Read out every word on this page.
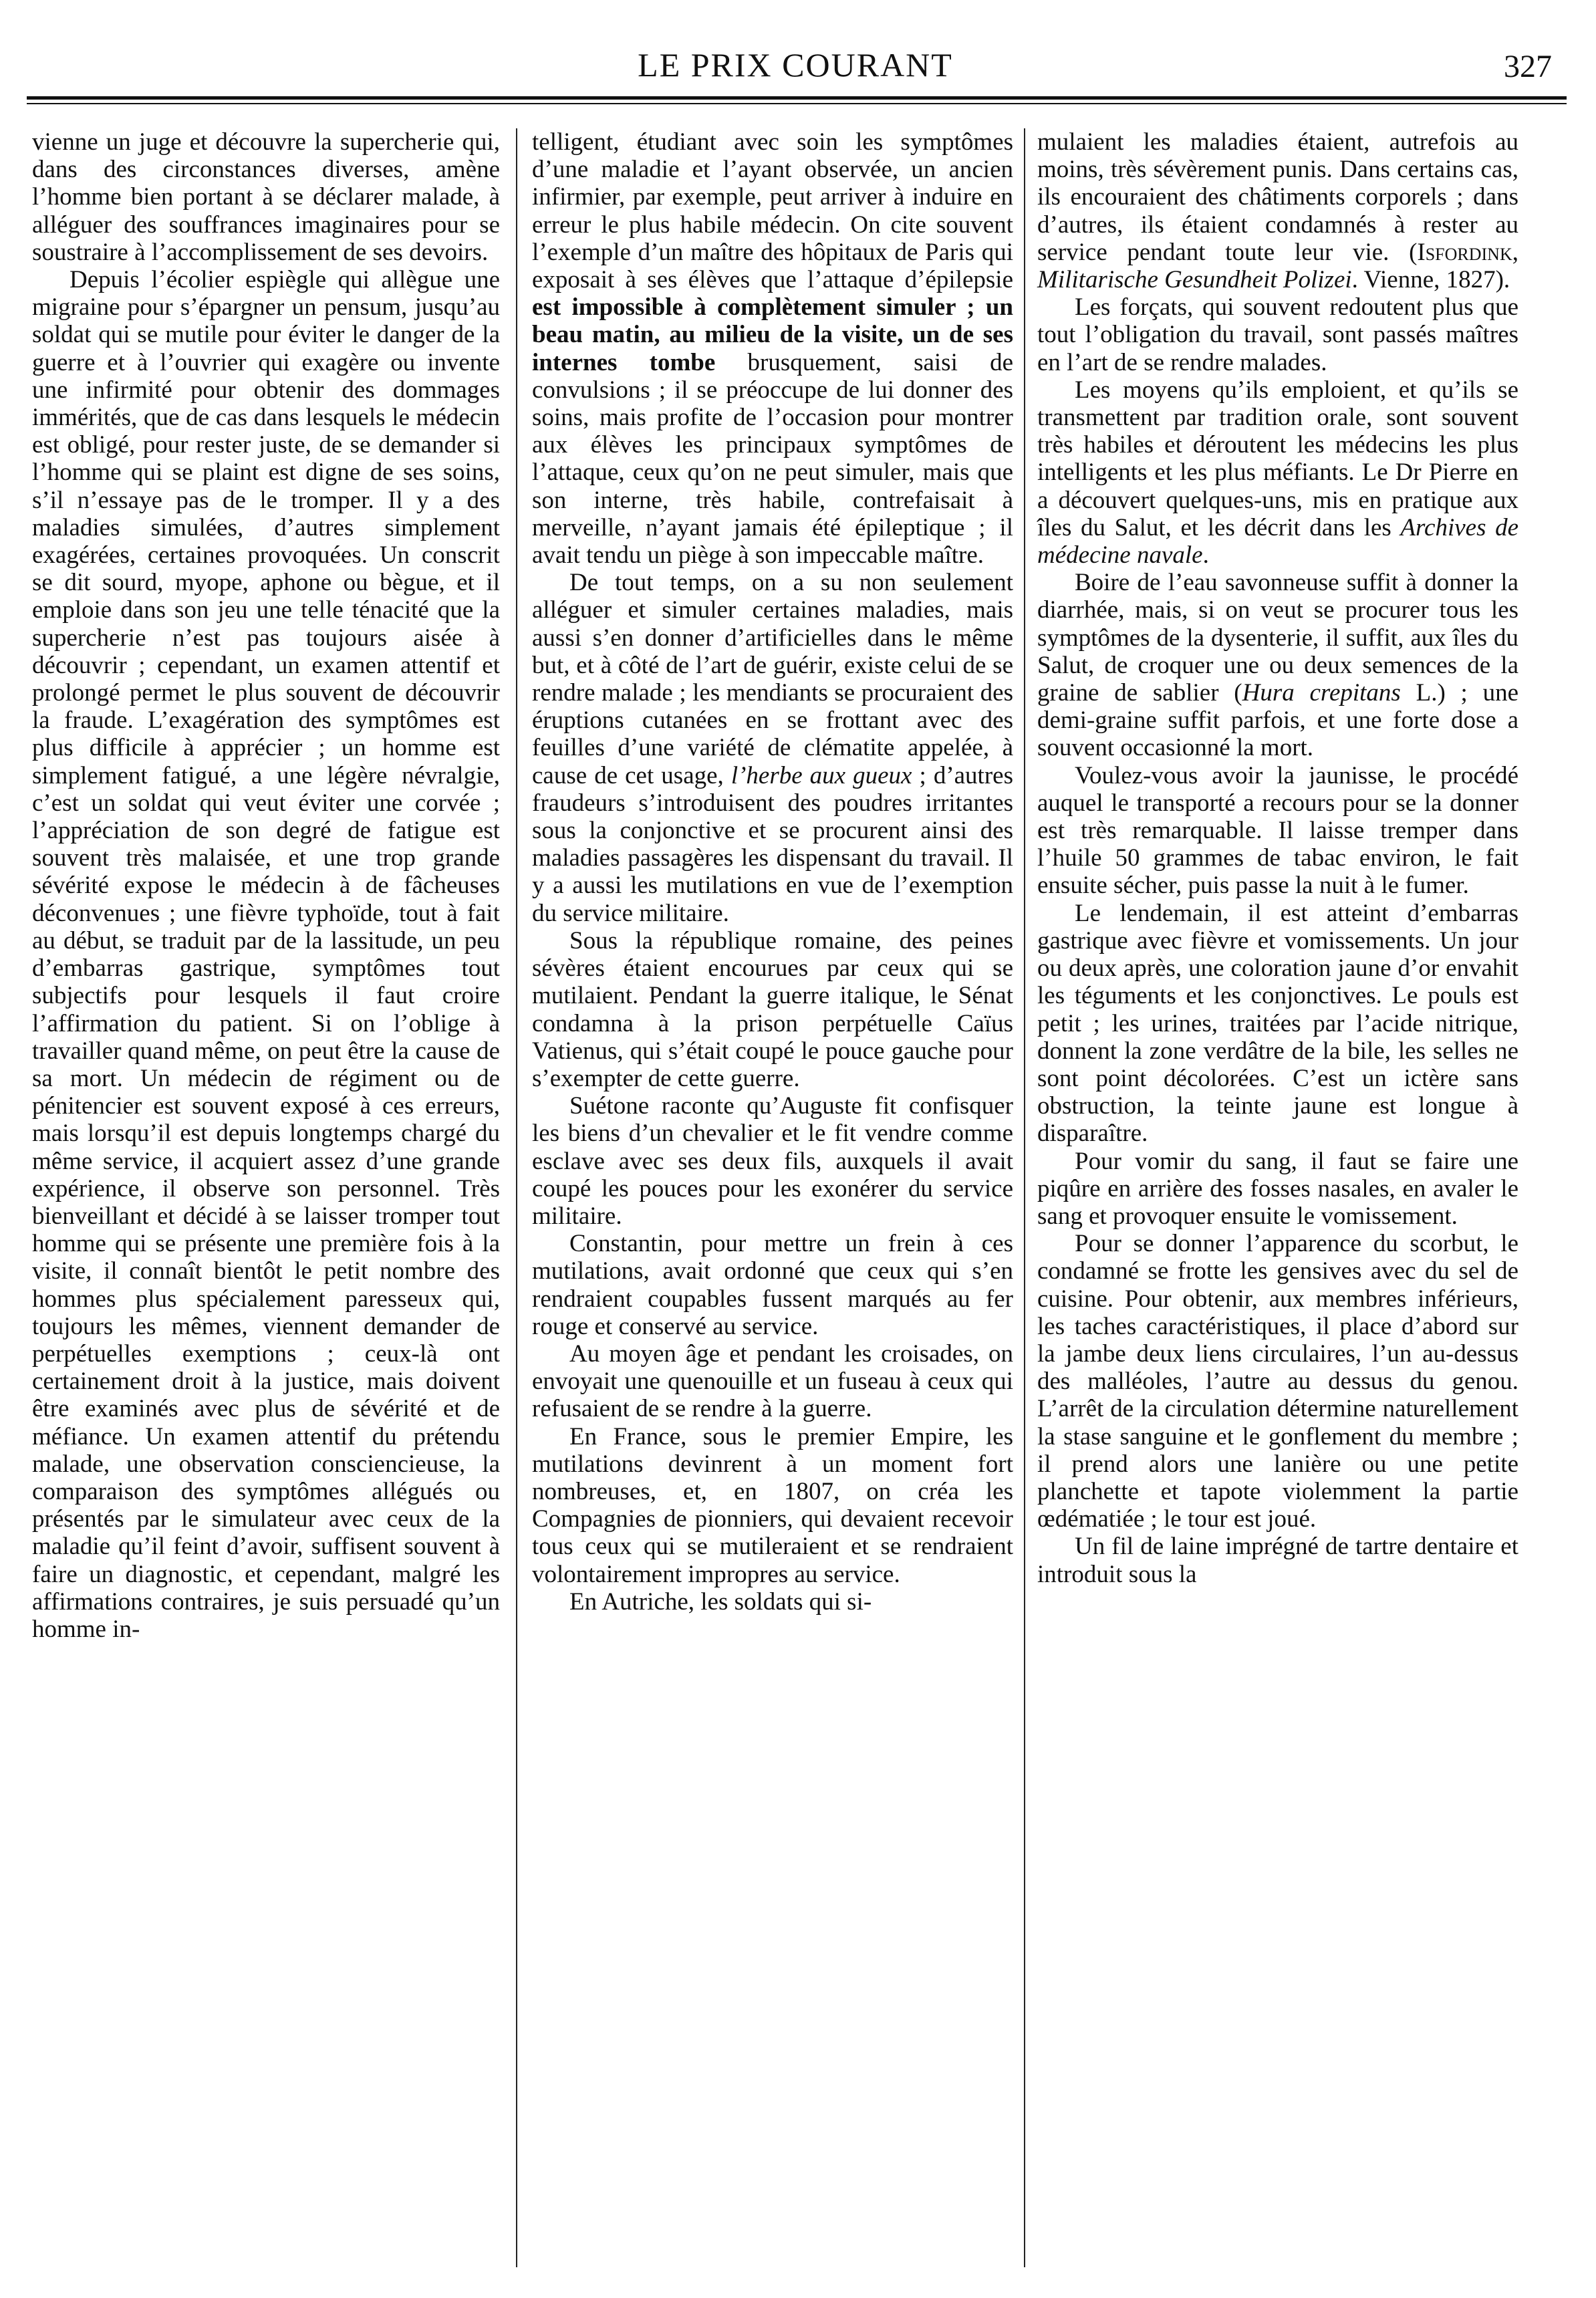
LE PRIX COURANT	327

vienne un juge et découvre la supercherie qui, dans des circonstances diverses, amène l’homme bien portant à se déclarer malade, à alléguer des souffrances imaginaires pour se soustraire à l’accomplissement de ses devoirs.

Depuis l’écolier espiègle qui allègue une migraine pour s’épargner un pensum, jusqu’au soldat qui se mutile pour éviter le danger de la guerre et à l’ouvrier qui exagère ou invente une infirmité pour obtenir des dommages immérités, que de cas dans lesquels le médecin est obligé, pour rester juste, de se demander si l’homme qui se plaint est digne de ses soins, s’il n’essaye pas de le tromper. Il y a des maladies simulées, d’autres simplement exagérées, certaines provoquées. Un conscrit se dit sourd, myope, aphone ou bègue, et il emploie dans son jeu une telle ténacité que la supercherie n’est pas toujours aisée à découvrir ; cependant, un examen attentif et prolongé permet le plus souvent de découvrir la fraude. L’exagération des symptômes est plus difficile à apprécier ; un homme est simplement fatigué, a une légère névralgie, c’est un soldat qui veut éviter une corvée ; l’appréciation de son degré de fatigue est souvent très malaisée, et une trop grande sévérité expose le médecin à de fâcheuses déconvenues ; une fièvre typhoïde, tout à fait au début, se traduit par de la lassitude, un peu d’embarras gastrique, symptômes tout subjectifs pour lesquels il faut croire l’affirmation du patient. Si on l’oblige à travailler quand même, on peut être la cause de sa mort. Un médecin de régiment ou de pénitencier est souvent exposé à ces erreurs, mais lorsqu’il est depuis longtemps chargé du même service, il acquiert assez d’une grande expérience, il observe son personnel. Très bienveillant et décidé à se laisser tromper tout homme qui se présente une première fois à la visite, il connaît bientôt le petit nombre des hommes plus spécialement paresseux qui, toujours les mêmes, viennent demander de perpétuelles exemptions ; ceux-là ont certainement droit à la justice, mais doivent être examinés avec plus de sévérité et de méfiance. Un examen attentif du prétendu malade, une observation consciencieuse, la comparaison des symptômes allégués ou présentés par le simulateur avec ceux de la maladie qu’il feint d’avoir, suffisent souvent à faire un diagnostic, et cependant, malgré les affirmations contraires, je suis persuadé qu’un homme in-

telligent, étudiant avec soin les symptômes d’une maladie et l’ayant observée, un ancien infirmier, par exemple, peut arriver à induire en erreur le plus habile médecin. On cite souvent l’exemple d’un maître des hôpitaux de Paris qui exposait à ses élèves que l’attaque d’épilepsie est impossible à complètement simuler ; un beau matin, au milieu de la visite, un de ses internes tombe brusquement, saisi de convulsions ; il se préoccupe de lui donner des soins, mais profite de l’occasion pour montrer aux élèves les principaux symptômes de l’attaque, ceux qu’on ne peut simuler, mais que son interne, très habile, contrefaisait à merveille, n’ayant jamais été épileptique ; il avait tendu un piège à son impeccable maître.

De tout temps, on a su non seulement alléguer et simuler certaines maladies, mais aussi s’en donner d’artificielles dans le même but, et à côté de l’art de guérir, existe celui de se rendre malade ; les mendiants se procuraient des éruptions cutanées en se frottant avec des feuilles d’une variété de clématite appelée, à cause de cet usage, l’herbe aux gueux ; d’autres fraudeurs s’introduisent des poudres irritantes sous la conjonctive et se procurent ainsi des maladies passagères les dispensant du travail. Il y a aussi les mutilations en vue de l’exemption du service militaire.

Sous la république romaine, des peines sévères étaient encourues par ceux qui se mutilaient. Pendant la guerre italique, le Sénat condamna à la prison perpétuelle Caïus Vatienus, qui s’était coupé le pouce gauche pour s’exempter de cette guerre.

Suétone raconte qu’Auguste fit confisquer les biens d’un chevalier et le fit vendre comme esclave avec ses deux fils, auxquels il avait coupé les pouces pour les exonérer du service militaire.

Constantin, pour mettre un frein à ces mutilations, avait ordonné que ceux qui s’en rendraient coupables fussent marqués au fer rouge et conservé au service.

Au moyen âge et pendant les croisades, on envoyait une quenouille et un fuseau à ceux qui refusaient de se rendre à la guerre.

En France, sous le premier Empire, les mutilations devinrent à un moment fort nombreuses, et, en 1807, on créa les Compagnies de pionniers, qui devaient recevoir tous ceux qui se mutileraient et se rendraient volontairement impropres au service.

En Autriche, les soldats qui si-

mulaient les maladies étaient, autrefois au moins, très sévèrement punis. Dans certains cas, ils encouraient des châtiments corporels ; dans d’autres, ils étaient condamnés à rester au service pendant toute leur vie. (Isfordink, Militarische Gesundheit Polizei. Vienne, 1827).

Les forçats, qui souvent redoutent plus que tout l’obligation du travail, sont passés maîtres en l’art de se rendre malades.

Les moyens qu’ils emploient, et qu’ils se transmettent par tradition orale, sont souvent très habiles et déroutent les médecins les plus intelligents et les plus méfiants. Le Dr Pierre en a découvert quelques-uns, mis en pratique aux îles du Salut, et les décrit dans les Archives de médecine navale.

Boire de l’eau savonneuse suffit à donner la diarrhée, mais, si on veut se procurer tous les symptômes de la dysenterie, il suffit, aux îles du Salut, de croquer une ou deux semences de la graine de sablier (Hura crepitans L.) ; une demi-graine suffit parfois, et une forte dose a souvent occasionné la mort.

Voulez-vous avoir la jaunisse, le procédé auquel le transporté a recours pour se la donner est très remarquable. Il laisse tremper dans l’huile 50 grammes de tabac environ, le fait ensuite sécher, puis passe la nuit à le fumer.

Le lendemain, il est atteint d’embarras gastrique avec fièvre et vomissements. Un jour ou deux après, une coloration jaune d’or envahit les téguments et les conjonctives. Le pouls est petit ; les urines, traitées par l’acide nitrique, donnent la zone verdâtre de la bile, les selles ne sont point décolorées. C’est un ictère sans obstruction, la teinte jaune est longue à disparaître.

Pour vomir du sang, il faut se faire une piqûre en arrière des fosses nasales, en avaler le sang et provoquer ensuite le vomissement.

Pour se donner l’apparence du scorbut, le condamné se frotte les gensives avec du sel de cuisine. Pour obtenir, aux membres inférieurs, les taches caractéristiques, il place d’abord sur la jambe deux liens circulaires, l’un au-dessus des malléoles, l’autre au dessus du genou. L’arrêt de la circulation détermine naturellement la stase sanguine et le gonflement du membre ; il prend alors une lanière ou une petite planchette et tapote violemment la partie œdématiée ; le tour est joué.

Un fil de laine imprégné de tartre dentaire et introduit sous la
